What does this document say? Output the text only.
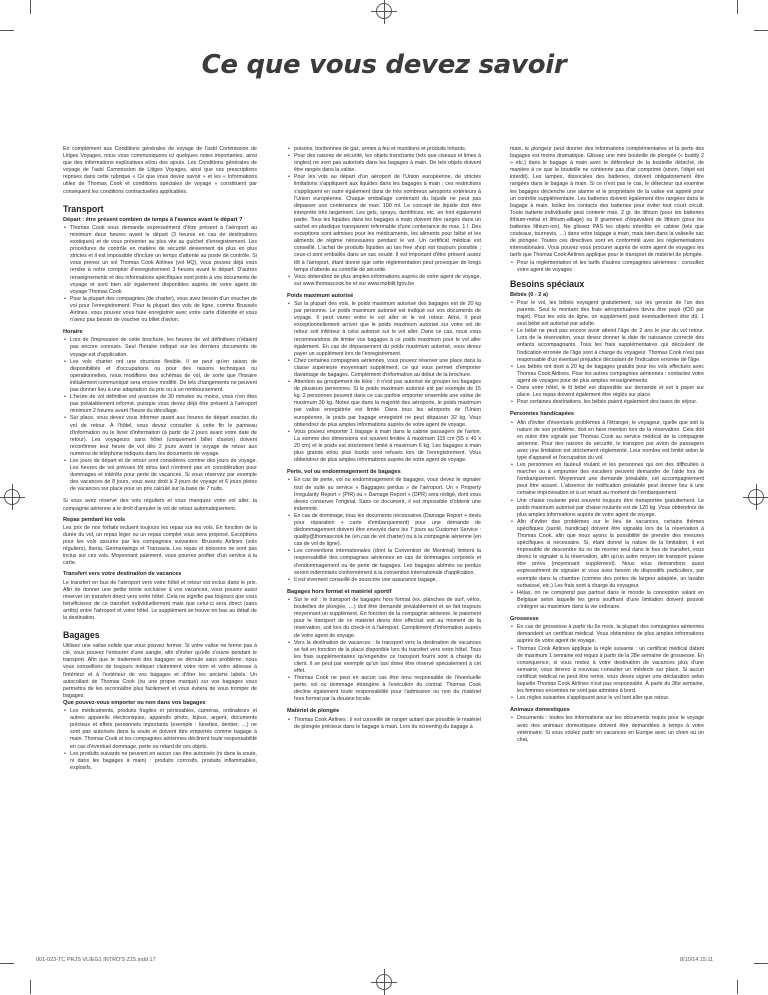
Ce que vous devez savoir

En complément aux Conditions générales de voyage de l'asbl Commission de Litiges Voyages, nous vous communiquons ici quelques notes importantes, ainsi que des informations explicatives et/ou des ajouts. Les Conditions générales de voyage de l'asbl Commission de Litiges Voyages, ainsi que ces prescriptions reprises dans cette rubrique « Ce que vous devez savoir » et les « Informations utiles de Thomas Cook et conditions spéciales de voyage » constituent par conséquent les conditions contractuelles applicables.

Transport
Départ : être présent combien de temps à l'avance avant le départ ?
• Thomas Cook vous demande expressément d'être présent à l'aéroport au minimum deux heures avant le départ (3 heures en cas de destinations exotiques) et de vous présenter au plus vite au guichet d'enregistrement. Les procédures de contrôle en matière de sécurité deviennent de plus en plus strictes et il est impossible d'inclure un temps d'attente au poste de contrôle. Si vous prenez un vol Thomas Cook Airlines (vol HQ), vous pouvez déjà vous rendre à notre comptoir d'enregistrement 3 heures avant le départ. D'autres renseignements et des informations spécifiques sont joints à vos documents de voyage et sont bien sûr également disponibles auprès de votre agent de voyage Thomas Cook.
• Pour la plupart des compagnies (de charter), vous avez besoin d'un voucher de vol pour l'enregistrement. Pour la plupart des vols de ligne, comme Brussels Airlines, vous pouvez vous faire enregistrer avec votre carte d'identité et vous n'avez pas besoin de voucher ou billet d'avion.
Horaire
• Lors de l'impression de cette brochure, les heures de vol définitives n'étaient pas encore connues. Seul l'horaire indiqué sur les derniers documents de voyage est d'application.
• Les vols charter ont une structure flexible. Il se peut qu'en raison de disponibilités et d'occupations ou pour des raisons techniques ou opérationnelles, nous modifions des schémas de vol, de sorte que l'horaire initialement communiqué sera encore modifié. De tels changements ne peuvent pas donner lieu à une adaptation du prix ou à un remboursement.
• L'heure de vol définitive est avancée de 30 minutes ou moins, vous n'en êtes pas préalablement informé, puisque vous devez déjà être présent à l'aéroport minimum 2 heures avant l'heure du décollage.
• Sur place, vous devez vous informer quant aux heures de départ exactes du vol de retour. À l'hôtel, vous devez consulter à cette fin le panneau d'information ou le livret d'information (à partir de 2 jours avant votre date de retour). Les voyageurs sans hôtel (uniquement billet d'avion) doivent reconfirmer leur heure de vol dès 2 jours avant le voyage de retour aux numéros de téléphone indiqués dans les documents de voyage.
• Les jours de départ et de retour sont considérés comme des jours de voyage. Les heures de vol prévues tôt et/ou tard n'entrent pas en considération pour dommages et intérêts pour perte de vacances. Si vous réservez par exemple des vacances de 8 jours, vous avez droit à 2 jours de voyage et 6 jours pleins de vacances sur place pour un prix calculé sur la base de 7 nuits.

Si vous avez réservé des vols réguliers et vous manquez votre vol aller, la compagnie aérienne a le droit d'annuler le vol de retour automatiquement.

Repas pendant les vols

Les prix de nos forfaits incluent toujours les repas sur les vols. En fonction de la durée du vol, un repas léger ou un repas complet vous sera proposé. Exceptions pour les vols assurés par les compagnies suivantes: Brussels Airlines (vols réguliers), Iberia, Germanwings et Transavia. Les repas et boissons ne sont pas inclus sur ces vols. Moyennant paiement, vous pourrez profiter d'un service à la carte.

Transfert vers votre destination de vacances

Le transfert en bus de l'aéroport vers votre hôtel et retour est inclus dans le prix. Afin de donner une petite teinte exclusive à vos vacances, vous pouvez aussi réserver un transfert direct vers votre hôtel. Cela ne signifie pas toujours que vous bénéficierez de ce transfert individuellement mais que celui-ci sera direct (sans arrêts) entre l'aéroport et votre hôtel. Le supplément se trouve en bas au détail de la destination.

Bagages

Utilisez une valise solide que vous pouvez fermer. Si votre valise ne ferme pas à clé, vous pouvez l'entourer d'une sangle, afin d'éviter qu'elle s'ouvre pendant le transport. Afin que le traitement des bagages se déroule sans problème, nous vous conseillons de toujours indiquer clairement votre nom et votre adresse à l'intérieur et à l'extérieur de vos bagages et d'ôter les anciens labels. Un autocollant de Thomas Cook (ou une propre marque) sur vos bagages vous permettra de les reconnaître plus facilement et vous évitera de vous tromper de bagages.

Que pouvez-vous emporter ou non dans vos bagages
• Les médicaments, produits fragiles et périssables, caméras, ordinateurs et autres appareils électroniques, appareils photo, bijoux, argent, documents précieux et effets personnels importants (exemple : lunettes, dentier, …) ne sont pas autorisés dans la soute et doivent être emportés comme bagage à main. Thomas Cook et les compagnies aériennes déclinent toute responsabilité en cas d'éventuel dommage, perte ou retard de ces objets.
• Les produits suivants ne peuvent en aucun cas être autorisés (ni dans la soute, ni dans les bagages à main) : produits corrosifs, produits inflammables, explosifs,
• poisons, bonbonnes de gaz, armes à feu et munitions et produits irritants.
• Pour des raisons de sécurité, les objets tranchants (tels que ciseaux et limes à ongles) ne sont pas autorisés dans les bagages à main. De tels objets doivent être rangés dans la valise.
• Pour les vols au départ d'un aéroport de l'Union européenne, de strictes limitations s'appliquent aux liquides dans les bagages à main ; ces restrictions s'appliquent en outre également dans de très nombreux aéroports extérieurs à l'Union européenne. Chaque emballage contenant du liquide ne peut pas dépasser une contenance de max. 100 ml. Le concept de liquide doit être interprété très largement. Les gels, sprays, dentifrices, etc. en font également partie. Tous les liquides dans les bagages à main doivent être rangés dans un sachet en plastique transparent refermable d'une contenance de max. 1 l. Des exceptions sont admises pour les médicaments, les aliments pour bébé et les aliments de régime nécessaires pendant le vol. Un certificat médical est conseillé. L'achat de produits liquides au tax free shop est toujours possible ; ceux-ci sont emballés dans un sac soudé. Il est important d'être présent assez tôt à l'aéroport, étant donné que cette réglementation peut provoquer de longs temps d'attente au contrôle de sécurité.
• Vous obtiendrez de plus amples informations auprès de votre agent de voyage, sur www.thomascook.be et sur www.mobilit fgov.be
Poids maximum autorisé
• Sur la plupart des vols, le poids maximum autorisé des bagages est de 20 kg par personne. Le poids maximum autorisé est indiqué sur vos documents de voyage. Il peut varier entre le vol aller et le vol retour. Ainsi, il peut exceptionnellement arriver que le poids maximum autorisé sur votre vol de retour soit inférieur à celui autorisé sur le vol aller. Dans ce cas, nous vous recommandons de limiter vos bagages à ce poids maximum pour le vol aller également. En cas de dépassement du poids maximum autorisé, vous devez payer un supplément lors de l'enregistrement.
• Chez certaines compagnies aériennes, vous pouvez réserver une place dans la classe supérieure moyennant supplément, ce qui vous permet d'emporter davantage de bagages. Complément d'information au début de la brochure.
• Attention au groupement de kilos : il n'est pas autorisé de grouper les bagages de plusieurs personnes. Si le poids maximum autorisé est par exemple de 15 kg, 2 personnes peuvent dans ce cas parfois emporter ensemble une valise de maximum 30 kg. Notez que dans la majorité des aéroports, le poids maximum par valise enregistrée est limité. Dans tous les aéroports de l'Union européenne, le poids par bagage enregistré ne peut dépasser 32 kg. Vous obtiendrez de plus amples informations auprès de votre agent de voyage.
• Vous pouvez emporter 1 bagage à main dans la cabine passagers de l'avion. La somme des dimensions est souvent limitée à maximum 115 cm (55 x 40 x 20 cm) et le poids est strictement limité à maximum 6 kg. Les bagages à main plus grands et/ou plus lourds sont refusés lors de l'enregistrement. Vous obtiendrez de plus amples informations auprès de votre agent de voyage.
Perte, vol ou endommagement de bagages
• En cas de perte, vol ou endommagement de bagages, vous devez le signaler tout de suite au service « Baggages perdus » de l'aéroport. Un « Property Irregularity Report » (PIR) ou « Damage Report » (DPR) sera rédigé, dont vous devez conserver l'original. Sans ce document, il est impossible d'obtenir une indemnité.
• En cas de dommage, tous les documents nécessaires (Damage Report + devis pour réparation + carte d'embarquement) pour une demande de dédommagement doivent être envoyés dans les 7 jours au Customer Service : quality@thomascook.be (en cas de vol charter) ou à la compagnie aérienne (en cas de vol de ligne).
• Les conventions internationales (dont la Convention de Montréal) limitent la responsabilité des compagnies aériennes en cas de dommages corporels et d'endommagement ou de perte de bagages. Les bagages abîmés ou perdus seront indemnisés conformément à la convention internationale d'application.
• Il est vivement conseillé de souscrire une assurance bagage.
Bagages hors format et matériel sportif
• Sur le vol : le transport de bagages hors format (ex. planches de surf, vélos, bouteilles de plongée, …) doit être demandé préalablement et se fait toujours moyennant un supplément. En fonction de la compagnie aérienne, le paiement pour le transport de ce matériel devra être effectué soit au moment de la réservation, soit lors du check-in à l'aéroport. Complément d'information auprès de votre agent de voyage.
• Vers la destination de vacances : le transport vers la destination de vacances se fait en fonction de la place disponible lors du transfert vers votre hôtel. Tous les frais supplémentaires qu'engendre ce transport fourni sont à charge du client. Il se peut par exemple qu'un taxi doive être réservé spécialement à cet effet.
• Thomas Cook ne peut en aucun cas être tenu responsable de l'éventuelle perte, vol ou dommage étrangère à l'exécution du contrat. Thomas Cook décline également toute responsabilité pour l'admission ou non du matériel hors format par la douane locale.
Matériel de plongée
• Thomas Cook Airlines : il est conseillé de ranger autant que possible le matériel de plongée précieux dans le bagage à main. Lors du screening du bagage à

main, le plongeur peut donner des informations complémentaires et la perte des bagages est moins dramatique. Glissez une mini bouteille de plongée (« buddy 2 » etc.) dans le bagage à main avec le détendeur de la bouteille détaché, de manière à ce que la bouteille ne contienne pas d'air comprimé (sinon, l'objet est interdit). Les lampes, dissociées des batteries, doivent obligatoirement être rangées dans le bagage à main. Si ce n'est pas le cas, le détecteur qui examine les bagages déclenche une alarme et le propriétaire de la valise est appelé pour un contrôle supplémentaire. Les batteries doivent également être rangées dans le bagage à main. Isolez les contacts des batteries pour éviter tout court circuit. Toute batterie individuelle peut contenir max. 2 gr. de lithium (pour les batteries lithium-métal et lithium-alliage) ou 8 grammes d'équivalent de lithium (pour les batteries lithium-ion). Ne glissez PAS les objets interdits en cabine (tels que couteaux, tournevis, …) dans votre bagage à main, mais bien dans la valise/le sac de plongée. Toutes ces directives sont en conformité avec les réglementations internationales. Vous pouvez vous procurer auprès de votre agent de voyages les tarifs que Thomas Cook Airlines applique pour le transport de matériel de plongée.

• Pour la réglementation et les tarifs d'autres compagnies aériennes : consultez votre agent de voyages
Besoins spéciaux
Bébés (0 - 2 a)
• Pour le vol, les bébés voyagent gratuitement, sur les genoux de l'un des parents. Seul le montant des frais aéroportuaires devra être payé (€30 par trajet). Pour les vols de ligne, un supplément peut éventuellement être dû. 1 seul bébé est autorisé par adulte.
• Le bébé ne peut pas encore avoir atteint l'âge de 2 ans le jour du vol retour. Lors de la réservation, vous devez donner la date de naissance correcte des enfants accompagnants. Tous les frais supplémentaires qui découlent de l'indication erronée de l'âge sont à charge du voyageur. Thomas Cook n'est pas responsable d'un éventuel préjudice découlant de l'indication erronée de l'âge.
• Les bébés ont droit à 20 kg de bagages gratuits pour les vols effectués avec Thomas Cook Airlines. Pour les autres compagnies aériennes : contactez votre agent de voyages pour de plus amples renseignements.
• Dans votre hôtel, le lit bébé est disponible sur demande et est à payer sur place. Les repas doivent également être réglés sur place.
• Pour certaines destinations, les bébés paient également des taxes de séjour.
Personnes handicapées
• Afin d'éviter d'éventuels problèmes à l'étranger, le voyageur, quelle que soit la nature de son problème, doit en faire mention lors de la réservation. Cela doit en outre être signalé par Thomas Cook au service médical de la compagnie aérienne. Pour des raisons de sécurité, le transport par avion de passagers avec une limitation est strictement réglementé. Leur nombre est limité selon le type d'appareil et l'occupation du vol.
• Les personnes en fauteuil roulant et les personnes qui ont des difficultés à marcher ou à emprunter des escaliers peuvent demander de l'aide lors de l'embarquement. Moyennant une demande préalable, cet accompagnement peut être assuré. L'absence de notification préalable peut donner lieu à une certaine improvisation et à un retard au moment de l'embarquement.
• Une chaise roulante peut souvent toujours être transportée gratuitement. Le poids maximum autorisé par chaise roulante est de 120 kg. Vous obtiendrez de plus amples informations auprès de votre agent de voyage.
• Afin d'éviter des problèmes sur le lieu de vacances, certains thèmes spécifiques (santé, handicap) doivent être signalés lors de la réservation à Thomas Cook, afin que nous ayons la possibilité de prendre des mesures spécifiques si nécessaire. Si, étant donné la nature de la limitation, il est impossible de descendre du ou de monter seul dans le bus de transfert, vous devez le signaler à la réservation, afin qu'un autre moyen de transport puisse être prévu (moyennant supplément). Nous vous demandons aussi expressément de signaler si vous avez besoin de dispositifs particuliers, par exemple dans la chambre (comme des portes de largeur adaptée, un lavabo surbaissé, etc.) Les frais sont à charge du voyageur.
• Hélas, on ne comprend pas partout dans le monde la conception valant en Belgique selon laquelle les gens souffrant d'une limitation doivent pouvoir s'intégrer au maximum dans la vie ordinaire.
Grossesse
• En cas de grossesse à partir du 6e mois, la plupart des compagnies aériennes demandent un certificat médical. Vous obtiendrez de plus amples informations auprès de votre agent de voyage.
• Thomas Cook Airlines applique la règle suivante : un certificat médical datant de maximum 1 semaine est requis à partir de la 28e semaine de grossesse. En conséquence, si vous restez à votre destination de vacances plus d'une semaine, vous devrez à nouveau consulter un médecin sur place. Si aucun certificat médical ne peut être remis, vous devez signer une déclaration selon laquelle Thomas Cook Airlines n'est pas responsable. À partir du 36e semaine, les femmes enceintes ne sont pas admises à bord.
• Les règles suivantes s'appliquent pour le vol tant aller que retour.
Animaux domestiques
• Documents : toutes les informations sur les documents requis pour le voyage avec des animaux domestiques doivent être demandées à temps à votre vétérinaire. Si vous voulez partir en vacances en Europe avec un chien ou un chat,
001-023-TC PRJS VLIEG1 INTRO'S Z15.indd 17	8/10/14 15:11
